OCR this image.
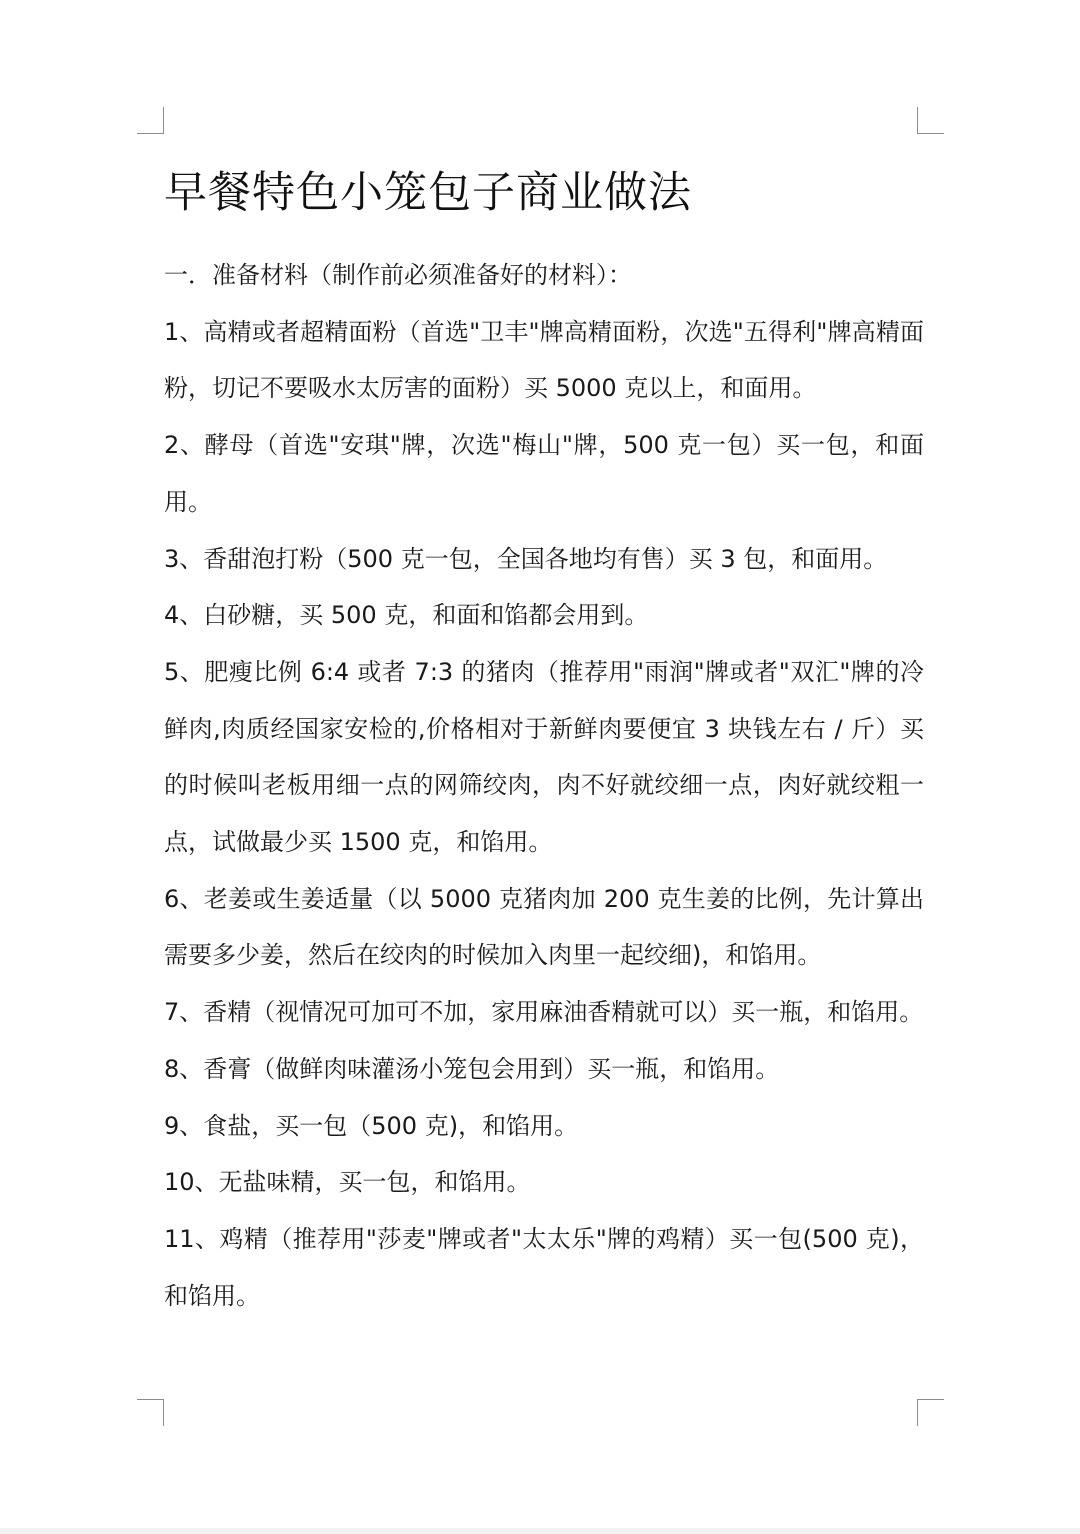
早餐特色小笼包子商业做法

一．准备材料（制作前必须准备好的材料）：

1、高精或者超精面粉（首选"卫丰"牌高精面粉，次选"五得利"牌高精面粉，切记不要吸水太厉害的面粉）买 5000 克以上，和面用。

2、酵母（首选"安琪"牌，次选"梅山"牌，500 克一包）买一包，和面用。

3、香甜泡打粉（500 克一包，全国各地均有售）买 3 包，和面用。

4、白砂糖，买 500 克，和面和馅都会用到。

5、肥瘦比例 6:4 或者 7:3 的猪肉（推荐用"雨润"牌或者"双汇"牌的冷鲜肉,肉质经国家安检的,价格相对于新鲜肉要便宜 3 块钱左右 / 斤）买的时候叫老板用细一点的网筛绞肉，肉不好就绞细一点，肉好就绞粗一点，试做最少买 1500 克，和馅用。

6、老姜或生姜适量（以 5000 克猪肉加 200 克生姜的比例，先计算出需要多少姜，然后在绞肉的时候加入肉里一起绞细)，和馅用。

7、香精（视情况可加可不加，家用麻油香精就可以）买一瓶，和馅用。

8、香膏（做鲜肉味灌汤小笼包会用到）买一瓶，和馅用。

9、食盐，买一包（500 克)，和馅用。

10、无盐味精，买一包，和馅用。

11、鸡精（推荐用"莎麦"牌或者"太太乐"牌的鸡精）买一包(500 克)，和馅用。
